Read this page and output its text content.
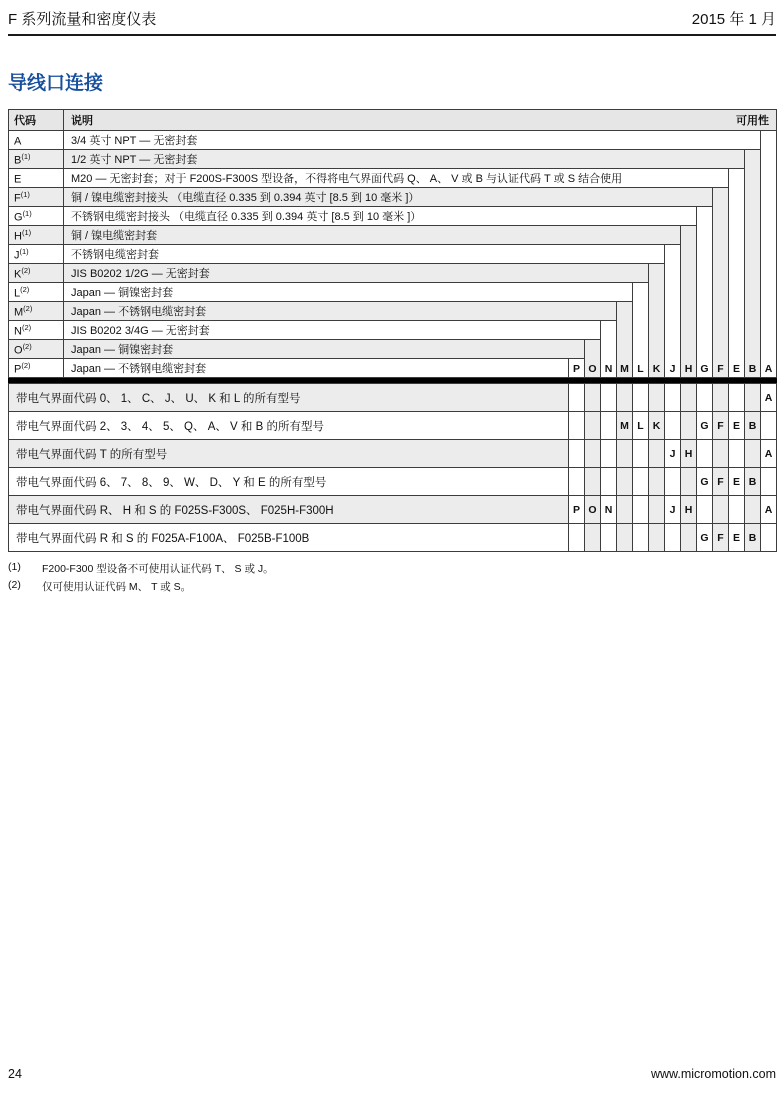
F 系列流量和密度仪表	2015 年 1 月
导线口连接
代码	说明 可用性													

A	3/4 英寸 NPT — 无密封套													A

$B^{(1)}$	1/2 英寸 NPT — 无密封套												B	

E	M20 — 无密封套；对于 F200S-F300S 型设备，不得将电气界面代码 Q、 A、 V 或 B 与认证代码 T 或 S 结合使用											E		

$F^{(1)}$	铜 / 镍电缆密封接头 （电缆直径 0.335 到 0.394 英寸 [8.5 到 10 毫米 ]）										F			

$G^{(1)}$	不锈钢电缆密封接头 （电缆直径 0.335 到 0.394 英寸 [8.5 到 10 毫米 ]）									G				

$H^{(1)}$	铜 / 镍电缆密封套								H					

$J^{(1)}$	不锈钢电缆密封套							J						

$K^{(2)}$	JIS B0202 1/2G — 无密封套						K							

$L^{(2)}$	Japan — 铜镍密封套					L								

$M^{(2)}$	Japan — 不锈钢电缆密封套				M									

$N^{(2)}$	JIS B0202 3/4G — 无密封套			N										

$O^{(2)}$	Japan — 铜镍密封套		O											

$P^{(2)}$	Japan — 不锈钢电缆密封套	P												
带电气界面代码 0、 1、 C、 J、 U、 K 和 L 的所有型号													A
带电气界面代码 2、 3、 4、 5、 Q、 A、 V 和 B 的所有型号				M	L	K			G	F	E	B	
带电气界面代码 T 的所有型号							J	H					A
带电气界面代码 6、 7、 8、 9、 W、 D、 Y 和 E 的所有型号									G	F	E	B	
带电气界面代码 R、 H 和 S 的 F025S-F300S、 F025H-F300H	P	O	N				J	H					A
带电气界面代码 R 和 S 的 F025A-F100A、 F025B-F100B									G	F	E	B	
(1)	F200-F300 型设备不可使用认证代码 T、 S 或 J。
(2)	仅可使用认证代码 M、 T 或 S。
24	www.micromotion.com
